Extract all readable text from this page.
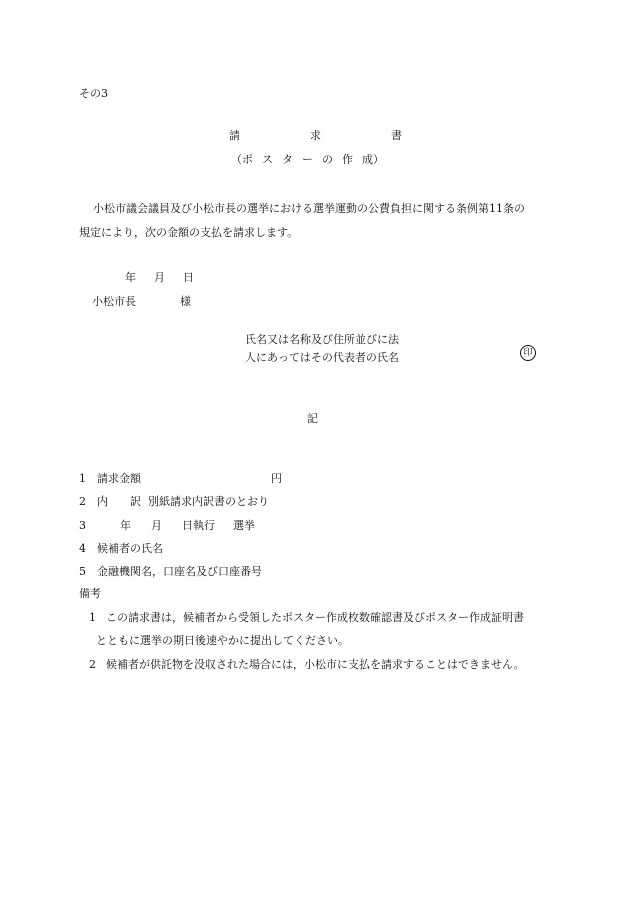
その3
請	求	書
（ポ ス タ ー の 作 成）
小松市議会議員及び小松市長の選挙における選挙運動の公費負担に関する条例第11条の
規定により，次の金額の支払を請求します。
年 月 日
小松市長	様
氏名又は名称及び住所並びに法
人にあってはその代表者の氏名	印
記
1 請求金額	円
2 内 訳 別紙請求内訳書のとおり
3	年 月 日執行 選挙
4 候補者の氏名
5 金融機関名，口座名及び口座番号
備考
1 この請求書は，候補者から受領したポスター作成枚数確認書及びポスター作成証明書
とともに選挙の期日後速やかに提出してください。
2 候補者が供託物を没収された場合には，小松市に支払を請求することはできません。
